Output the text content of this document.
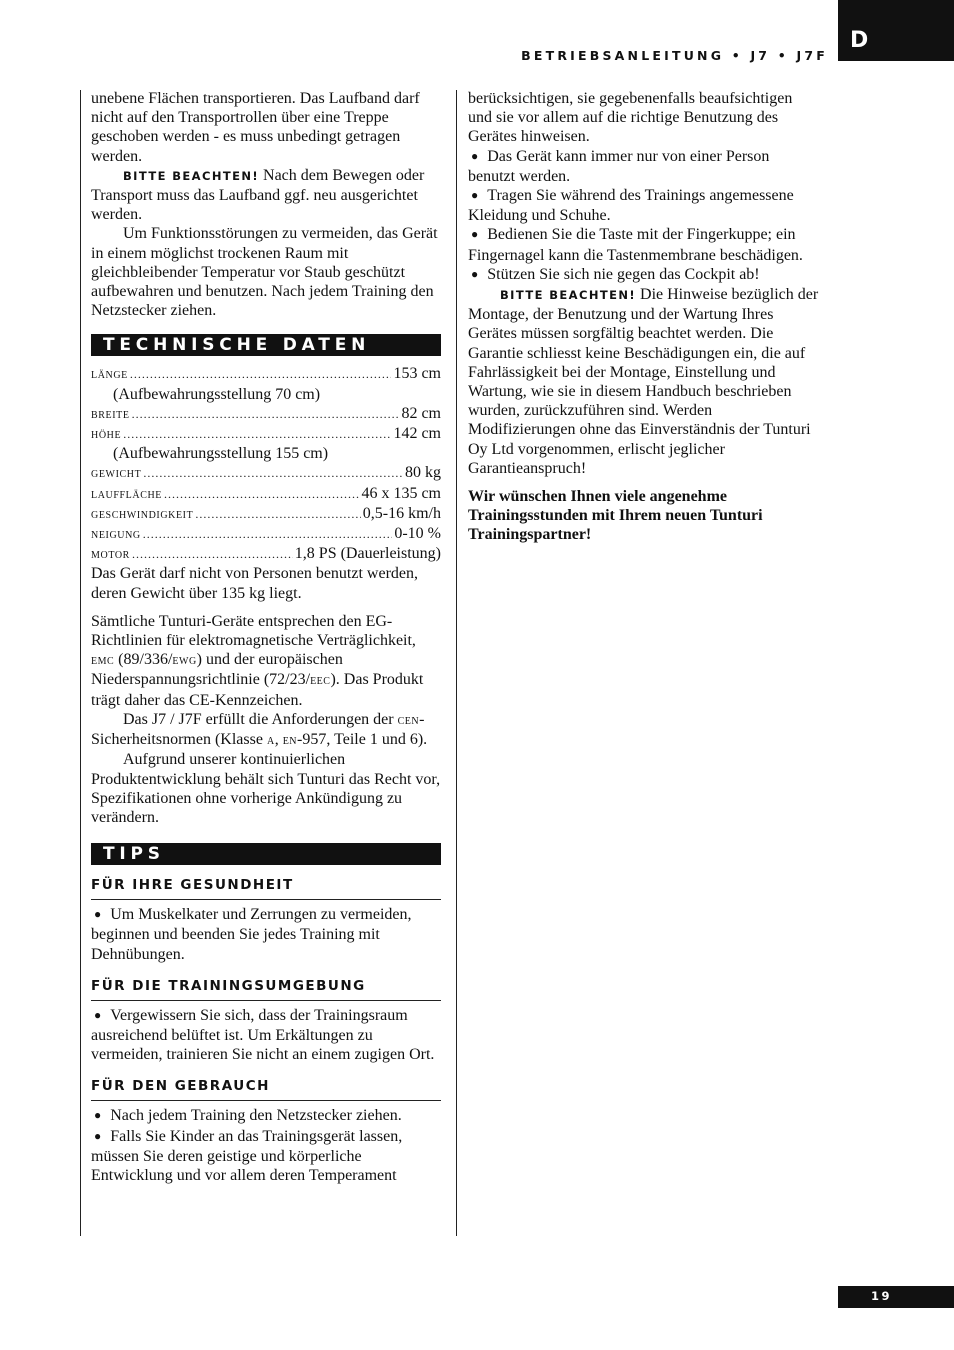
BETRIEBSANLEITUNG • J7 • J7F
D

unebene Flächen transportieren. Das Laufband darf nicht auf den Transportrollen über eine Treppe geschoben werden - es muss unbedingt getragen werden.

BITTE BEACHTEN! Nach dem Bewegen oder Transport muss das Laufband ggf. neu ausgerichtet werden.

Um Funktionsstörungen zu vermeiden, das Gerät in einem möglichst trockenen Raum mit gleichbleibender Temperatur vor Staub geschützt aufbewahren und benutzen. Nach jedem Training den Netzstecker ziehen.

TECHNISCHE DATEN
länge .....	153 cm
(Aufbewahrungsstellung 70 cm)
breite .....	82 cm
höhe .....	142 cm
(Aufbewahrungsstellung 155 cm)
gewicht .....	80 kg
lauffläche .....	46 x 135 cm
geschwindigkeit .....	0,5-16 km/h
neigung .....	0-10 %
motor .....	1,8 PS (Dauerleistung)

Das Gerät darf nicht von Personen benutzt werden, deren Gewicht über 135 kg liegt.

Sämtliche Tunturi-Geräte entsprechen den EG-Richtlinien für elektromagnetische Verträglichkeit, emc (89/336/ewg) und der europäischen Niederspannungsrichtlinie (72/23/eec). Das Produkt trägt daher das CE-Kennzeichen.

Das J7 / J7F erfüllt die Anforderungen der cen-Sicherheitsnormen (Klasse a, en-957, Teile 1 und 6).

Aufgrund unserer kontinuierlichen Produktentwicklung behält sich Tunturi das Recht vor, Spezifikationen ohne vorherige Ankündigung zu verändern.

TIPS
FÜR IHRE GESUNDHEIT

● Um Muskelkater und Zerrungen zu vermeiden, beginnen und beenden Sie jedes Training mit Dehnübungen.

FÜR DIE TRAININGSUMGEBUNG

● Vergewissern Sie sich, dass der Trainingsraum ausreichend belüftet ist. Um Erkältungen zu vermeiden, trainieren Sie nicht an einem zugigen Ort.

FÜR DEN GEBRAUCH

● Nach jedem Training den Netzstecker ziehen.

● Falls Sie Kinder an das Trainingsgerät lassen, müssen Sie deren geistige und körperliche Entwicklung und vor allem deren Temperament

berücksichtigen, sie gegebenenfalls beaufsichtigen und sie vor allem auf die richtige Benutzung des Gerätes hinweisen.

● Das Gerät kann immer nur von einer Person benutzt werden.

● Tragen Sie während des Trainings angemessene Kleidung und Schuhe.

● Bedienen Sie die Taste mit der Fingerkuppe; ein Fingernagel kann die Tastenmembrane beschädigen.

● Stützen Sie sich nie gegen das Cockpit ab!

BITTE BEACHTEN! Die Hinweise bezüglich der Montage, der Benutzung und der Wartung Ihres Gerätes müssen sorgfältig beachtet werden. Die Garantie schliesst keine Beschädigungen ein, die auf Fahrlässigkeit bei der Montage, Einstellung und Wartung, wie sie in diesem Handbuch beschrieben wurden, zurückzuführen sind. Werden Modifizierungen ohne das Einverständnis der Tunturi Oy Ltd vorgenommen, erlischt jeglicher Garantieanspruch!

Wir wünschen Ihnen viele angenehme Trainingsstunden mit Ihrem neuen Tunturi Trainingspartner!

19
